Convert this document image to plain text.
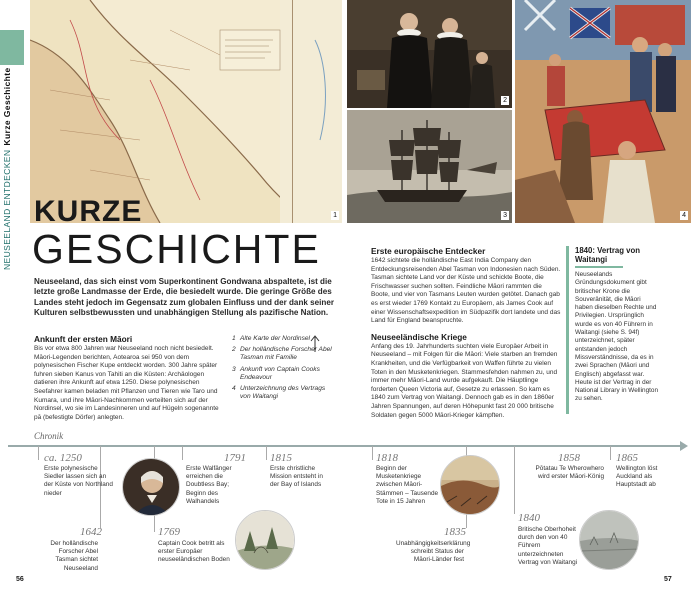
NEUSEELAND ENTDECKENKurze Geschichte
1
2
3	4
KURZE
GESCHICHTE
Neuseeland, das sich einst vom Superkontinent Gondwana abspaltete, ist die letzte große Landmasse der Erde, die besiedelt wurde. Die geringe Größe des Landes steht jedoch im Gegensatz zum globalen Einfluss und der dank seiner Kulturen selbstbewussten und unabhängigen Stellung als pazifische Nation.
Ankunft der ersten Māori
Bis vor etwa 800 Jahren war Neuseeland noch nicht besiedelt. Māori-Legenden berichten, Aotearoa sei 950 von dem polynesischen Fischer Kupe entdeckt worden. 300 Jahre später fuhren sieben Kanus von Tahiti an die Küsten: Archäologen datieren ihre Ankunft auf etwa 1250. Diese polynesischen Seefahrer kamen beladen mit Pflanzen und Tieren wie Taro und Kumara, und ihre Māori-Nachkommen verteilten sich auf der Nordinsel, wo sie im Landesinneren und auf Hügeln sogenannte pā (befestigte Dörfer) anlegten.
1 Alte Karte der Nordinsel
2 Der holländische Forscher Abel Tasman mit Familie
3 Ankunft von Captain Cooks Endeavour
4 Unterzeichnung des Vertrags von Waitangi
Erste europäische Entdecker
1642 sichtete die holländische East India Company den Entdeckungsreisenden Abel Tasman von Indonesien nach Süden. Tasman sichtete Land vor der Küste und schickte Boote, die Frischwasser suchen sollten. Feindliche Māori rammten die Boote, und vier von Tasmans Leuten wurden getötet. Danach gab es erst wieder 1769 Kontakt zu Europäern, als James Cook auf einer Wissenschaftsexpedition im Südpazifik dort landete und das Land für England beanspruchte.
Neuseeländische Kriege
Anfang des 19. Jahrhunderts suchten viele Europäer Arbeit in Neuseeland – mit Folgen für die Māori: Viele starben an fremden Krankheiten, und die Verfügbarkeit von Waffen führte zu vielen Toten in den Musketenkriegen. Stammesfehden nahmen zu, und immer mehr Māori-Land wurde aufgekauft. Die Häuptlinge forderten Queen Victoria auf, Gesetze zu erlassen. So kam es 1840 zum Vertrag von Waitangi. Dennoch gab es in den 1860er Jahren Spannungen, auf deren Höhepunkt fast 20 000 britische Soldaten gegen 5000 Māori-Krieger kämpften.
1840: Vertrag von Waitangi
Neuseelands Gründungsdokument gibt britischer Krone die Souveränität, die Māori haben dieselben Rechte und Privilegien. Ursprünglich wurde es von 40 Führern in Waitangi (siehe S. 94f) unterzeichnet, später entstanden jedoch Missverständnisse, da es in zwei Sprachen (Māori und Englisch) abgefasst war. Heute ist der Vertrag in der National Library in Wellington zu sehen.
Chronik
ca. 1250
Erste polynesische Siedler lassen sich an der Küste von Northland nieder
1791
Erste Walfänger erreichen die Doubtless Bay; Beginn des Walhandels
1815
Erste christliche Mission entsteht in der Bay of Islands
1818
Beginn der Musketenkriege zwischen Māori-Stämmen – Tausende Tote in 15 Jahren
1858
Pōtatau Te Wherowhero wird erster Māori-König
1865
Wellington löst Auckland als Hauptstadt ab
1642
Der holländische Forscher Abel Tasman sichtet Neuseeland
1769
Captain Cook betritt als erster Europäer neuseeländischen Boden
1835
Unabhängigkeitserklärung schreibt Status der Māori-Länder fest
1840
Britische Oberhoheit durch den von 40 Führern unterzeichneten Vertrag von Waitangi
56	57
